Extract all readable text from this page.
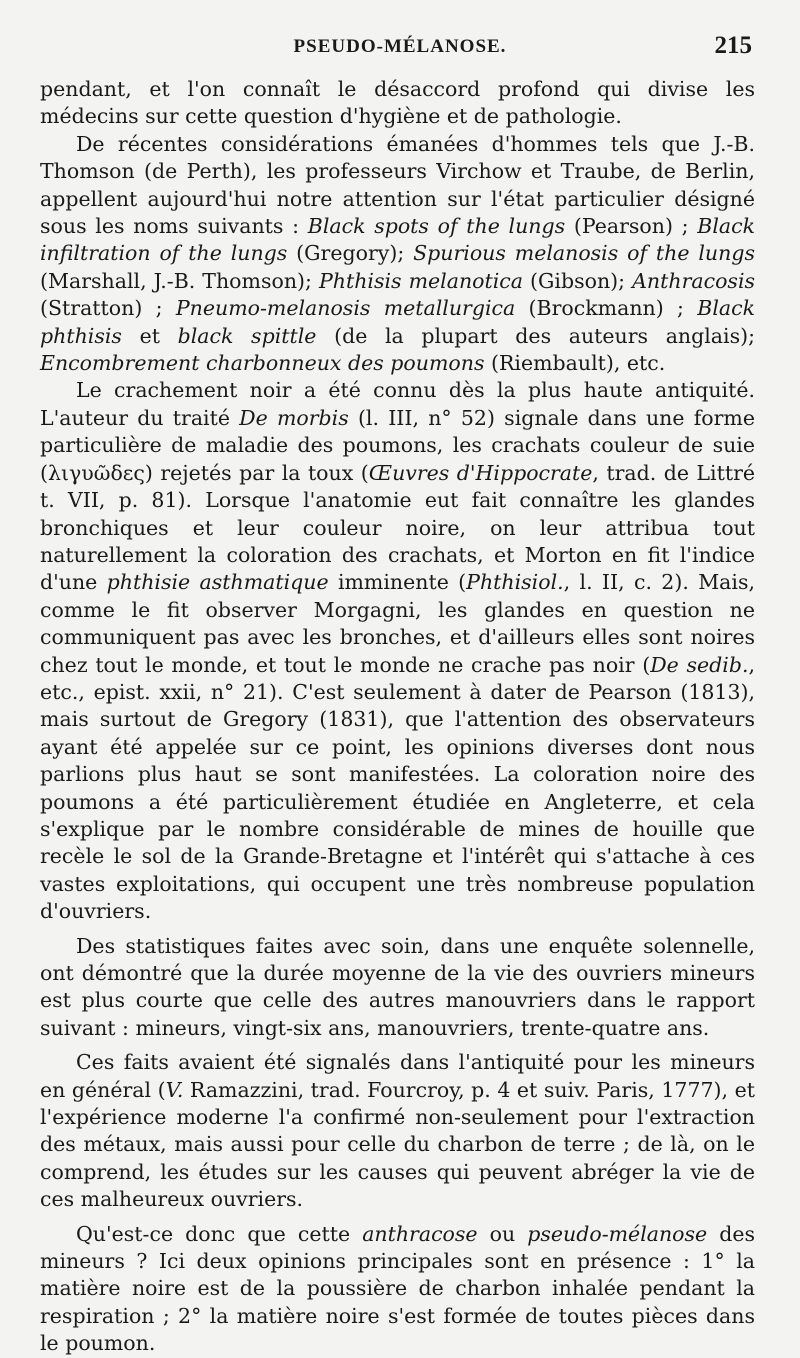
PSEUDO-MÉLANOSE.	215

pendant, et l'on connaît le désaccord profond qui divise les médecins sur cette question d'hygiène et de pathologie.

De récentes considérations émanées d'hommes tels que J.-B. Thomson (de Perth), les professeurs Virchow et Traube, de Berlin, appellent aujourd'hui notre attention sur l'état particulier désigné sous les noms suivants : Black spots of the lungs (Pearson) ; Black infiltration of the lungs (Gregory); Spurious melanosis of the lungs (Marshall, J.-B. Thomson); Phthisis melanotica (Gibson); Anthracosis (Stratton) ; Pneumo-melanosis metallurgica (Brockmann) ; Black phthisis et black spittle (de la plupart des auteurs anglais); Encombrement charbonneux des poumons (Riembault), etc.

Le crachement noir a été connu dès la plus haute antiquité. L'auteur du traité De morbis (l. III, n° 52) signale dans une forme particulière de maladie des poumons, les crachats couleur de suie (λιγυῶδες) rejetés par la toux (Œuvres d'Hippocrate, trad. de Littré t. VII, p. 81). Lorsque l'anatomie eut fait connaître les glandes bronchiques et leur couleur noire, on leur attribua tout naturellement la coloration des crachats, et Morton en fit l'indice d'une phthisie asthmatique imminente (Phthisiol., l. II, c. 2). Mais, comme le fit observer Morgagni, les glandes en question ne communiquent pas avec les bronches, et d'ailleurs elles sont noires chez tout le monde, et tout le monde ne crache pas noir (De sedib., etc., epist. xxii, n° 21). C'est seulement à dater de Pearson (1813), mais surtout de Gregory (1831), que l'attention des observateurs ayant été appelée sur ce point, les opinions diverses dont nous parlions plus haut se sont manifestées. La coloration noire des poumons a été particulièrement étudiée en Angleterre, et cela s'explique par le nombre considérable de mines de houille que recèle le sol de la Grande-Bretagne et l'intérêt qui s'attache à ces vastes exploitations, qui occupent une très nombreuse population d'ouvriers.

Des statistiques faites avec soin, dans une enquête solennelle, ont démontré que la durée moyenne de la vie des ouvriers mineurs est plus courte que celle des autres manouvriers dans le rapport suivant : mineurs, vingt-six ans, manouvriers, trente-quatre ans.

Ces faits avaient été signalés dans l'antiquité pour les mineurs en général (V. Ramazzini, trad. Fourcroy, p. 4 et suiv. Paris, 1777), et l'expérience moderne l'a confirmé non-seulement pour l'extraction des métaux, mais aussi pour celle du charbon de terre ; de là, on le comprend, les études sur les causes qui peuvent abréger la vie de ces malheureux ouvriers.

Qu'est-ce donc que cette anthracose ou pseudo-mélanose des mineurs ? Ici deux opinions principales sont en présence : 1° la matière noire est de la poussière de charbon inhalée pendant la respiration ; 2° la matière noire s'est formée de toutes pièces dans le poumon.
